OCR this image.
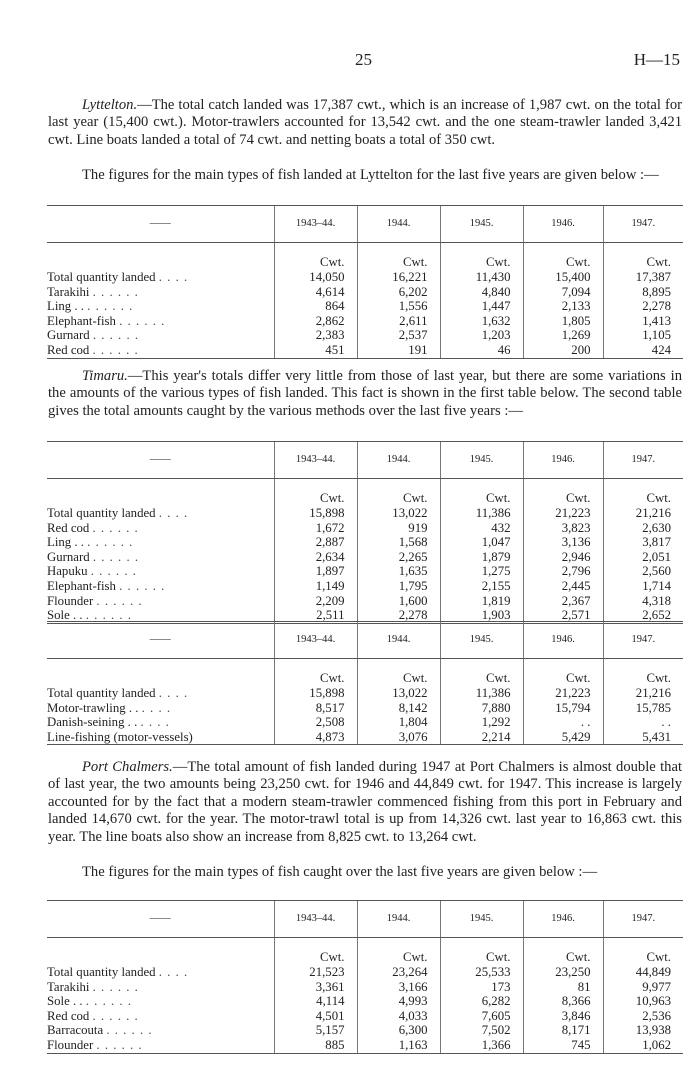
25	H—15

Lyttelton.—The total catch landed was 17,387 cwt., which is an increase of 1,987 cwt. on the total for last year (15,400 cwt.). Motor-trawlers accounted for 13,542 cwt. and the one steam-trawler landed 3,421 cwt. Line boats landed a total of 74 cwt. and netting boats a total of 350 cwt.

The figures for the main types of fish landed at Lyttelton for the last five years are given below :—

——	1943–44.	1944.	1945.	1946.	1947.
	Cwt.	Cwt.	Cwt.	Cwt.	Cwt.
Total quantity landed . . . .	14,050	16,221	11,430	15,400	17,387
Tarakihi . . . . . .	4,614	6,202	4,840	7,094	8,895
Ling . . . . . . . .	864	1,556	1,447	2,133	2,278
Elephant-fish . . . . . .	2,862	2,611	1,632	1,805	1,413
Gurnard . . . . . .	2,383	2,537	1,203	1,269	1,105
Red cod . . . . . .	451	191	46	200	424

Timaru.—This year's totals differ very little from those of last year, but there are some variations in the amounts of the various types of fish landed. This fact is shown in the first table below. The second table gives the total amounts caught by the various methods over the last five years :—

——	1943–44.	1944.	1945.	1946.	1947.
	Cwt.	Cwt.	Cwt.	Cwt.	Cwt.
Total quantity landed . . . .	15,898	13,022	11,386	21,223	21,216
Red cod . . . . . .	1,672	919	432	3,823	2,630
Ling . . . . . . . .	2,887	1,568	1,047	3,136	3,817
Gurnard . . . . . .	2,634	2,265	1,879	2,946	2,051
Hapuku . . . . . .	1,897	1,635	1,275	2,796	2,560
Elephant-fish . . . . . .	1,149	1,795	2,155	2,445	1,714
Flounder . . . . . .	2,209	1,600	1,819	2,367	4,318
Sole . . . . . . . .	2,511	2,278	1,903	2,571	2,652
——	1943–44.	1944.	1945.	1946.	1947.
	Cwt.	Cwt.	Cwt.	Cwt.	Cwt.
Total quantity landed . . . .	15,898	13,022	11,386	21,223	21,216
Motor-trawling . . . . . .	8,517	8,142	7,880	15,794	15,785
Danish-seining . . . . . .	2,508	1,804	1,292	. .	. .
Line-fishing (motor-vessels)	4,873	3,076	2,214	5,429	5,431

Port Chalmers.—The total amount of fish landed during 1947 at Port Chalmers is almost double that of last year, the two amounts being 23,250 cwt. for 1946 and 44,849 cwt. for 1947. This increase is largely accounted for by the fact that a modern steam-trawler commenced fishing from this port in February and landed 14,670 cwt. for the year. The motor-trawl total is up from 14,326 cwt. last year to 16,863 cwt. this year. The line boats also show an increase from 8,825 cwt. to 13,264 cwt.

The figures for the main types of fish caught over the last five years are given below :—

——	1943–44.	1944.	1945.	1946.	1947.
	Cwt.	Cwt.	Cwt.	Cwt.	Cwt.
Total quantity landed . . . .	21,523	23,264	25,533	23,250	44,849
Tarakihi . . . . . .	3,361	3,166	173	81	9,977
Sole . . . . . . . .	4,114	4,993	6,282	8,366	10,963
Red cod . . . . . .	4,501	4,033	7,605	3,846	2,536
Barracouta . . . . . .	5,157	6,300	7,502	8,171	13,938
Flounder . . . . . .	885	1,163	1,366	745	1,062
